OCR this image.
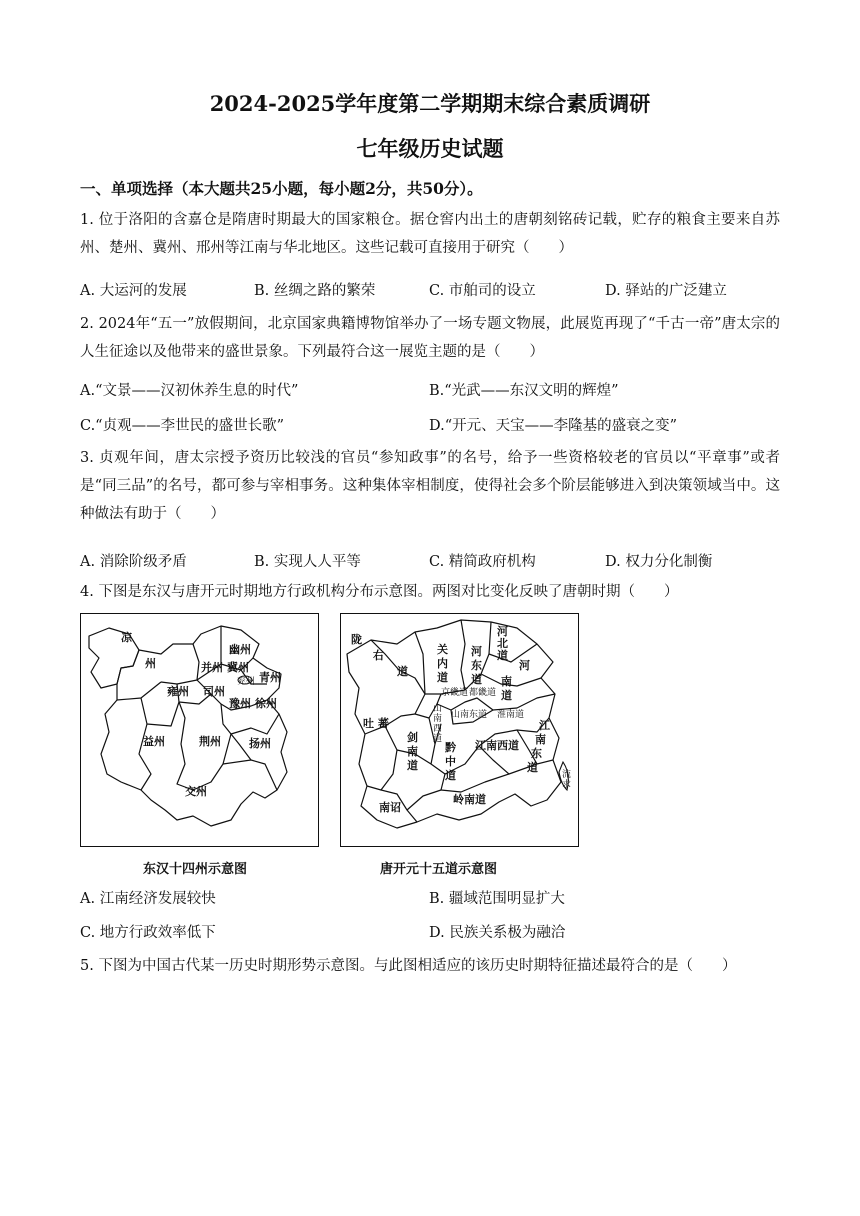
2024-2025学年度第二学期期末综合素质调研
七年级历史试题
一、单项选择（本大题共25小题，每小题2分，共50分）。
1. 位于洛阳的含嘉仓是隋唐时期最大的国家粮仓。据仓窖内出土的唐朝刻铭砖记载，贮存的粮食主要来自苏州、楚州、冀州、邢州等江南与华北地区。这些记载可直接用于研究（　　）
A. 大运河的发展	B. 丝绸之路的繁荣	C. 市舶司的设立	D. 驿站的广泛建立
2. 2024年“五一”放假期间，北京国家典籍博物馆举办了一场专题文物展，此展览再现了“千古一帝”唐太宗的人生征途以及他带来的盛世景象。下列最符合这一展览主题的是（　　）
A.“文景——汉初休养生息的时代”	B.“光武——东汉文明的辉煌”
C.“贞观——李世民的盛世长歌”	D.“开元、天宝——李隆基的盛衰之变”
3. 贞观年间，唐太宗授予资历比较浅的官员“参知政事”的名号，给予一些资格较老的官员以“平章事”或者是“同三品”的名号，都可参与宰相事务。这种集体宰相制度，使得社会多个阶层能够进入到决策领域当中。这种做法有助于（　　）
A. 消除阶级矛盾	B. 实现人人平等	C. 精简政府机构	D. 权力分化制衡
4. 下图是东汉与唐开元时期地方行政机构分布示意图。两图对比变化反映了唐朝时期（　　）
凉
州
幽州
并州 冀州
青州
雍州 司州
兖州
豫州 徐州
益州	荆州	扬州
交州
东汉十四州示意图
陇
右
道
关
内
道
河
东
道
河
北
道
河
南
道
京畿道 都畿道
山南东道 淮南道
吐 蕃
山
南
西
道
剑
南
道
黔
中
道
江南西道
江
南
东
道
流
求
南诏
岭南道
唐开元十五道示意图
A. 江南经济发展较快	B. 疆域范围明显扩大
C. 地方行政效率低下	D. 民族关系极为融洽
5. 下图为中国古代某一历史时期形势示意图。与此图相适应的该历史时期特征描述最符合的是（　　）
